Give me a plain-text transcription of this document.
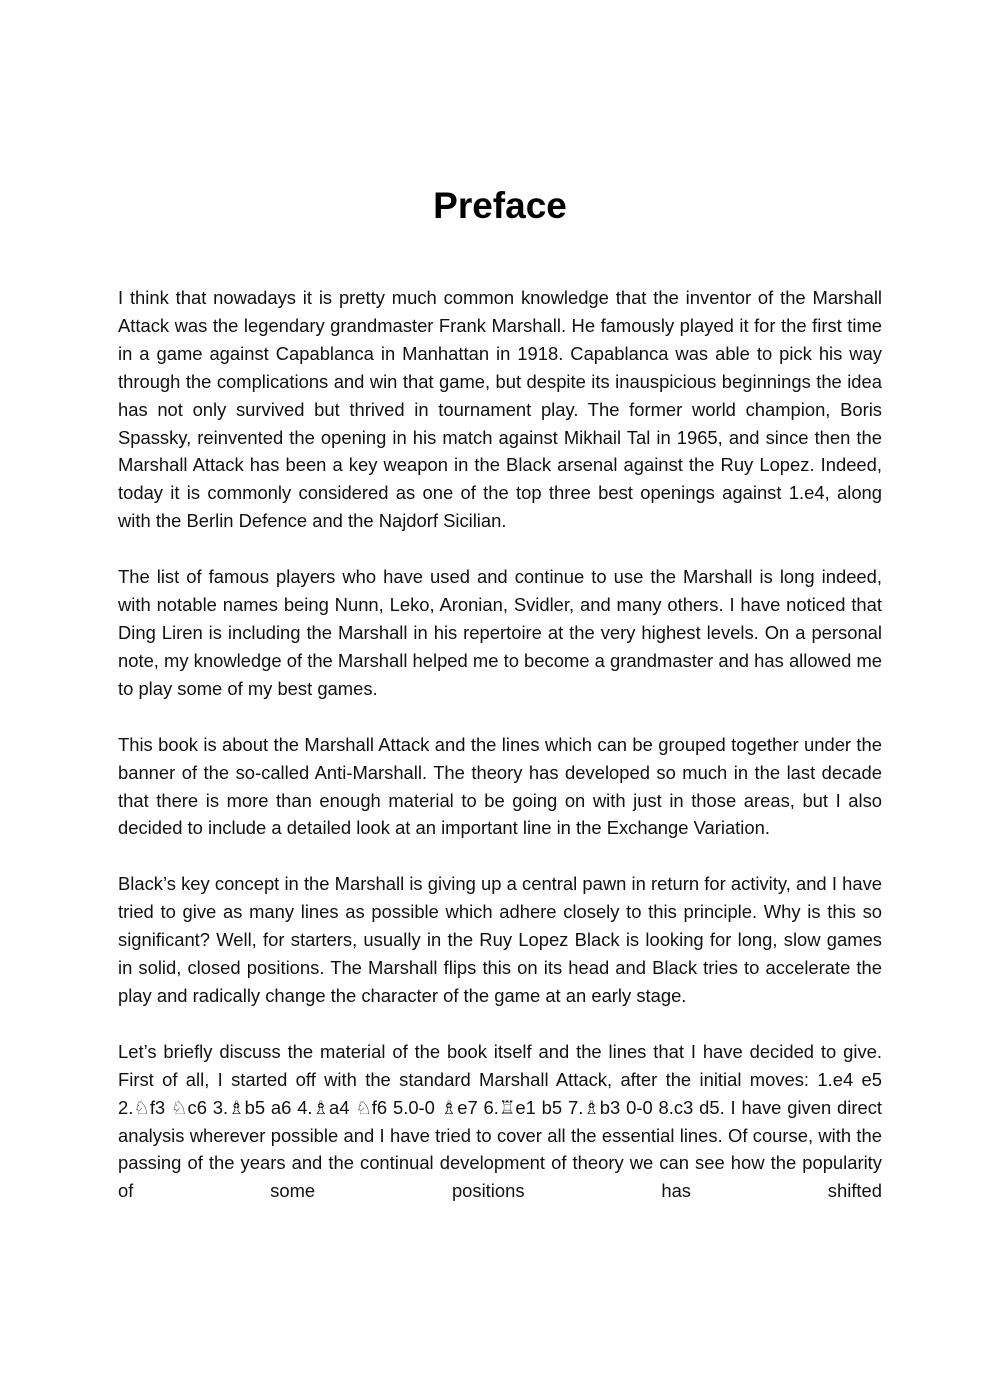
Preface

I think that nowadays it is pretty much common knowledge that the inventor of the Marshall Attack was the legendary grandmaster Frank Marshall. He famously played it for the first time in a game against Capablanca in Manhattan in 1918. Capablanca was able to pick his way through the complications and win that game, but despite its inauspicious beginnings the idea has not only survived but thrived in tournament play. The former world champion, Boris Spassky, reinvented the opening in his match against Mikhail Tal in 1965, and since then the Marshall Attack has been a key weapon in the Black arsenal against the Ruy Lopez. Indeed, today it is commonly considered as one of the top three best openings against 1.e4, along with the Berlin Defence and the Najdorf Sicilian.

The list of famous players who have used and continue to use the Marshall is long indeed, with notable names being Nunn, Leko, Aronian, Svidler, and many others. I have noticed that Ding Liren is including the Marshall in his repertoire at the very highest levels. On a personal note, my knowledge of the Marshall helped me to become a grandmaster and has allowed me to play some of my best games.

This book is about the Marshall Attack and the lines which can be grouped together under the banner of the so-called Anti-Marshall. The theory has developed so much in the last decade that there is more than enough material to be going on with just in those areas, but I also decided to include a detailed look at an important line in the Exchange Variation.

Black’s key concept in the Marshall is giving up a central pawn in return for activity, and I have tried to give as many lines as possible which adhere closely to this principle. Why is this so significant? Well, for starters, usually in the Ruy Lopez Black is looking for long, slow games in solid, closed positions. The Marshall flips this on its head and Black tries to accelerate the play and radically change the character of the game at an early stage.

Let’s briefly discuss the material of the book itself and the lines that I have decided to give. First of all, I started off with the standard Marshall Attack, after the initial moves: 1.e4 e5 2.♘f3 ♘c6 3.♗b5 a6 4.♗a4 ♘f6 5.0-0 ♗e7 6.♖e1 b5 7.♗b3 0-0 8.c3 d5. I have given direct analysis wherever possible and I have tried to cover all the essential lines. Of course, with the passing of the years and the continual development of theory we can see how the popularity of some positions has shifted
